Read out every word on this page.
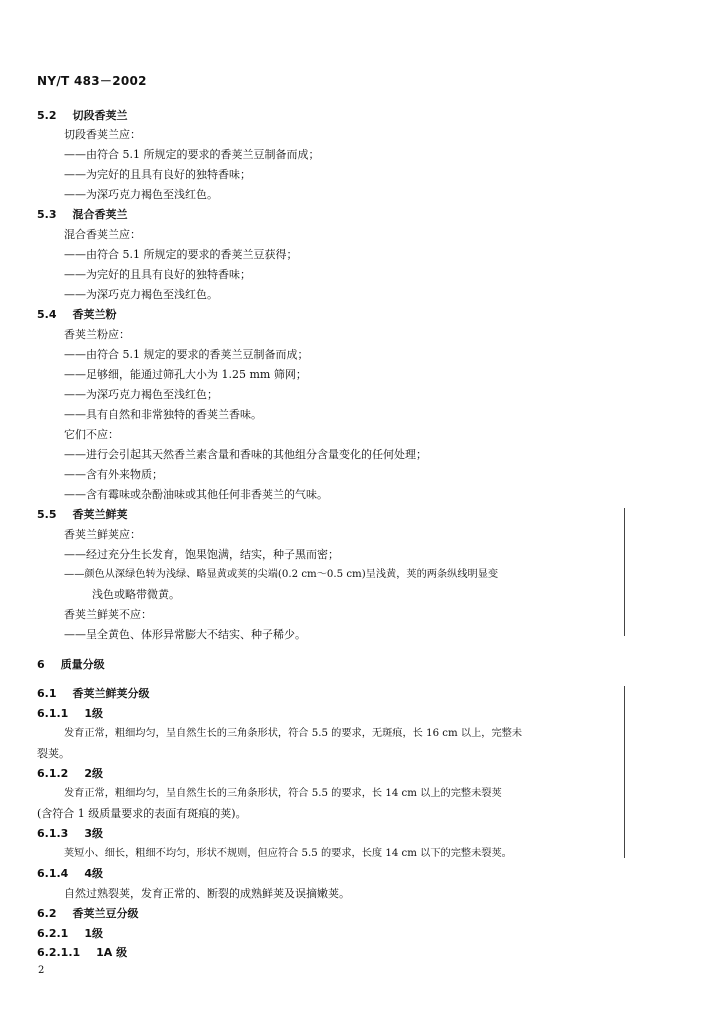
NY/T 483－2002
5.2 切段香荚兰
切段香荚兰应：
——由符合 5.1 所规定的要求的香荚兰豆制备而成；
——为完好的且具有良好的独特香味；
——为深巧克力褐色至浅红色。
5.3 混合香荚兰
混合香荚兰应：
——由符合 5.1 所规定的要求的香荚兰豆获得；
——为完好的且具有良好的独特香味；
——为深巧克力褐色至浅红色。
5.4 香荚兰粉
香荚兰粉应：
——由符合 5.1 规定的要求的香荚兰豆制备而成；
——足够细，能通过筛孔大小为 1.25 mm 筛网；
——为深巧克力褐色至浅红色；
——具有自然和非常独特的香荚兰香味。
它们不应：
——进行会引起其天然香兰素含量和香味的其他组分含量变化的任何处理；
——含有外来物质；
——含有霉味或杂酚油味或其他任何非香荚兰的气味。
5.5 香荚兰鲜荚
香荚兰鲜荚应：
——经过充分生长发育，饱果饱满，结实，种子黑而密；
——颜色从深绿色转为浅绿、略显黄或荚的尖端(0.2 cm～0.5 cm)呈浅黄，荚的两条纵线明显变
浅色或略带微黄。
香荚兰鲜荚不应：
——呈全黄色、体形异常膨大不结实、种子稀少。
6 质量分级
6.1 香荚兰鲜荚分级
6.1.1 1级
发育正常，粗细均匀，呈自然生长的三角条形状，符合 5.5 的要求，无斑痕，长 16 cm 以上，完整未
裂荚。
6.1.2 2级
发育正常，粗细均匀，呈自然生长的三角条形状，符合 5.5 的要求，长 14 cm 以上的完整未裂荚
(含符合 1 级质量要求的表面有斑痕的荚)。
6.1.3 3级
荚短小、细长，粗细不均匀，形状不规则，但应符合 5.5 的要求，长度 14 cm 以下的完整未裂荚。
6.1.4 4级
自然过熟裂荚，发育正常的、断裂的成熟鲜荚及误摘嫩荚。
6.2 香荚兰豆分级
6.2.1 1级
6.2.1.1 1A 级
2
